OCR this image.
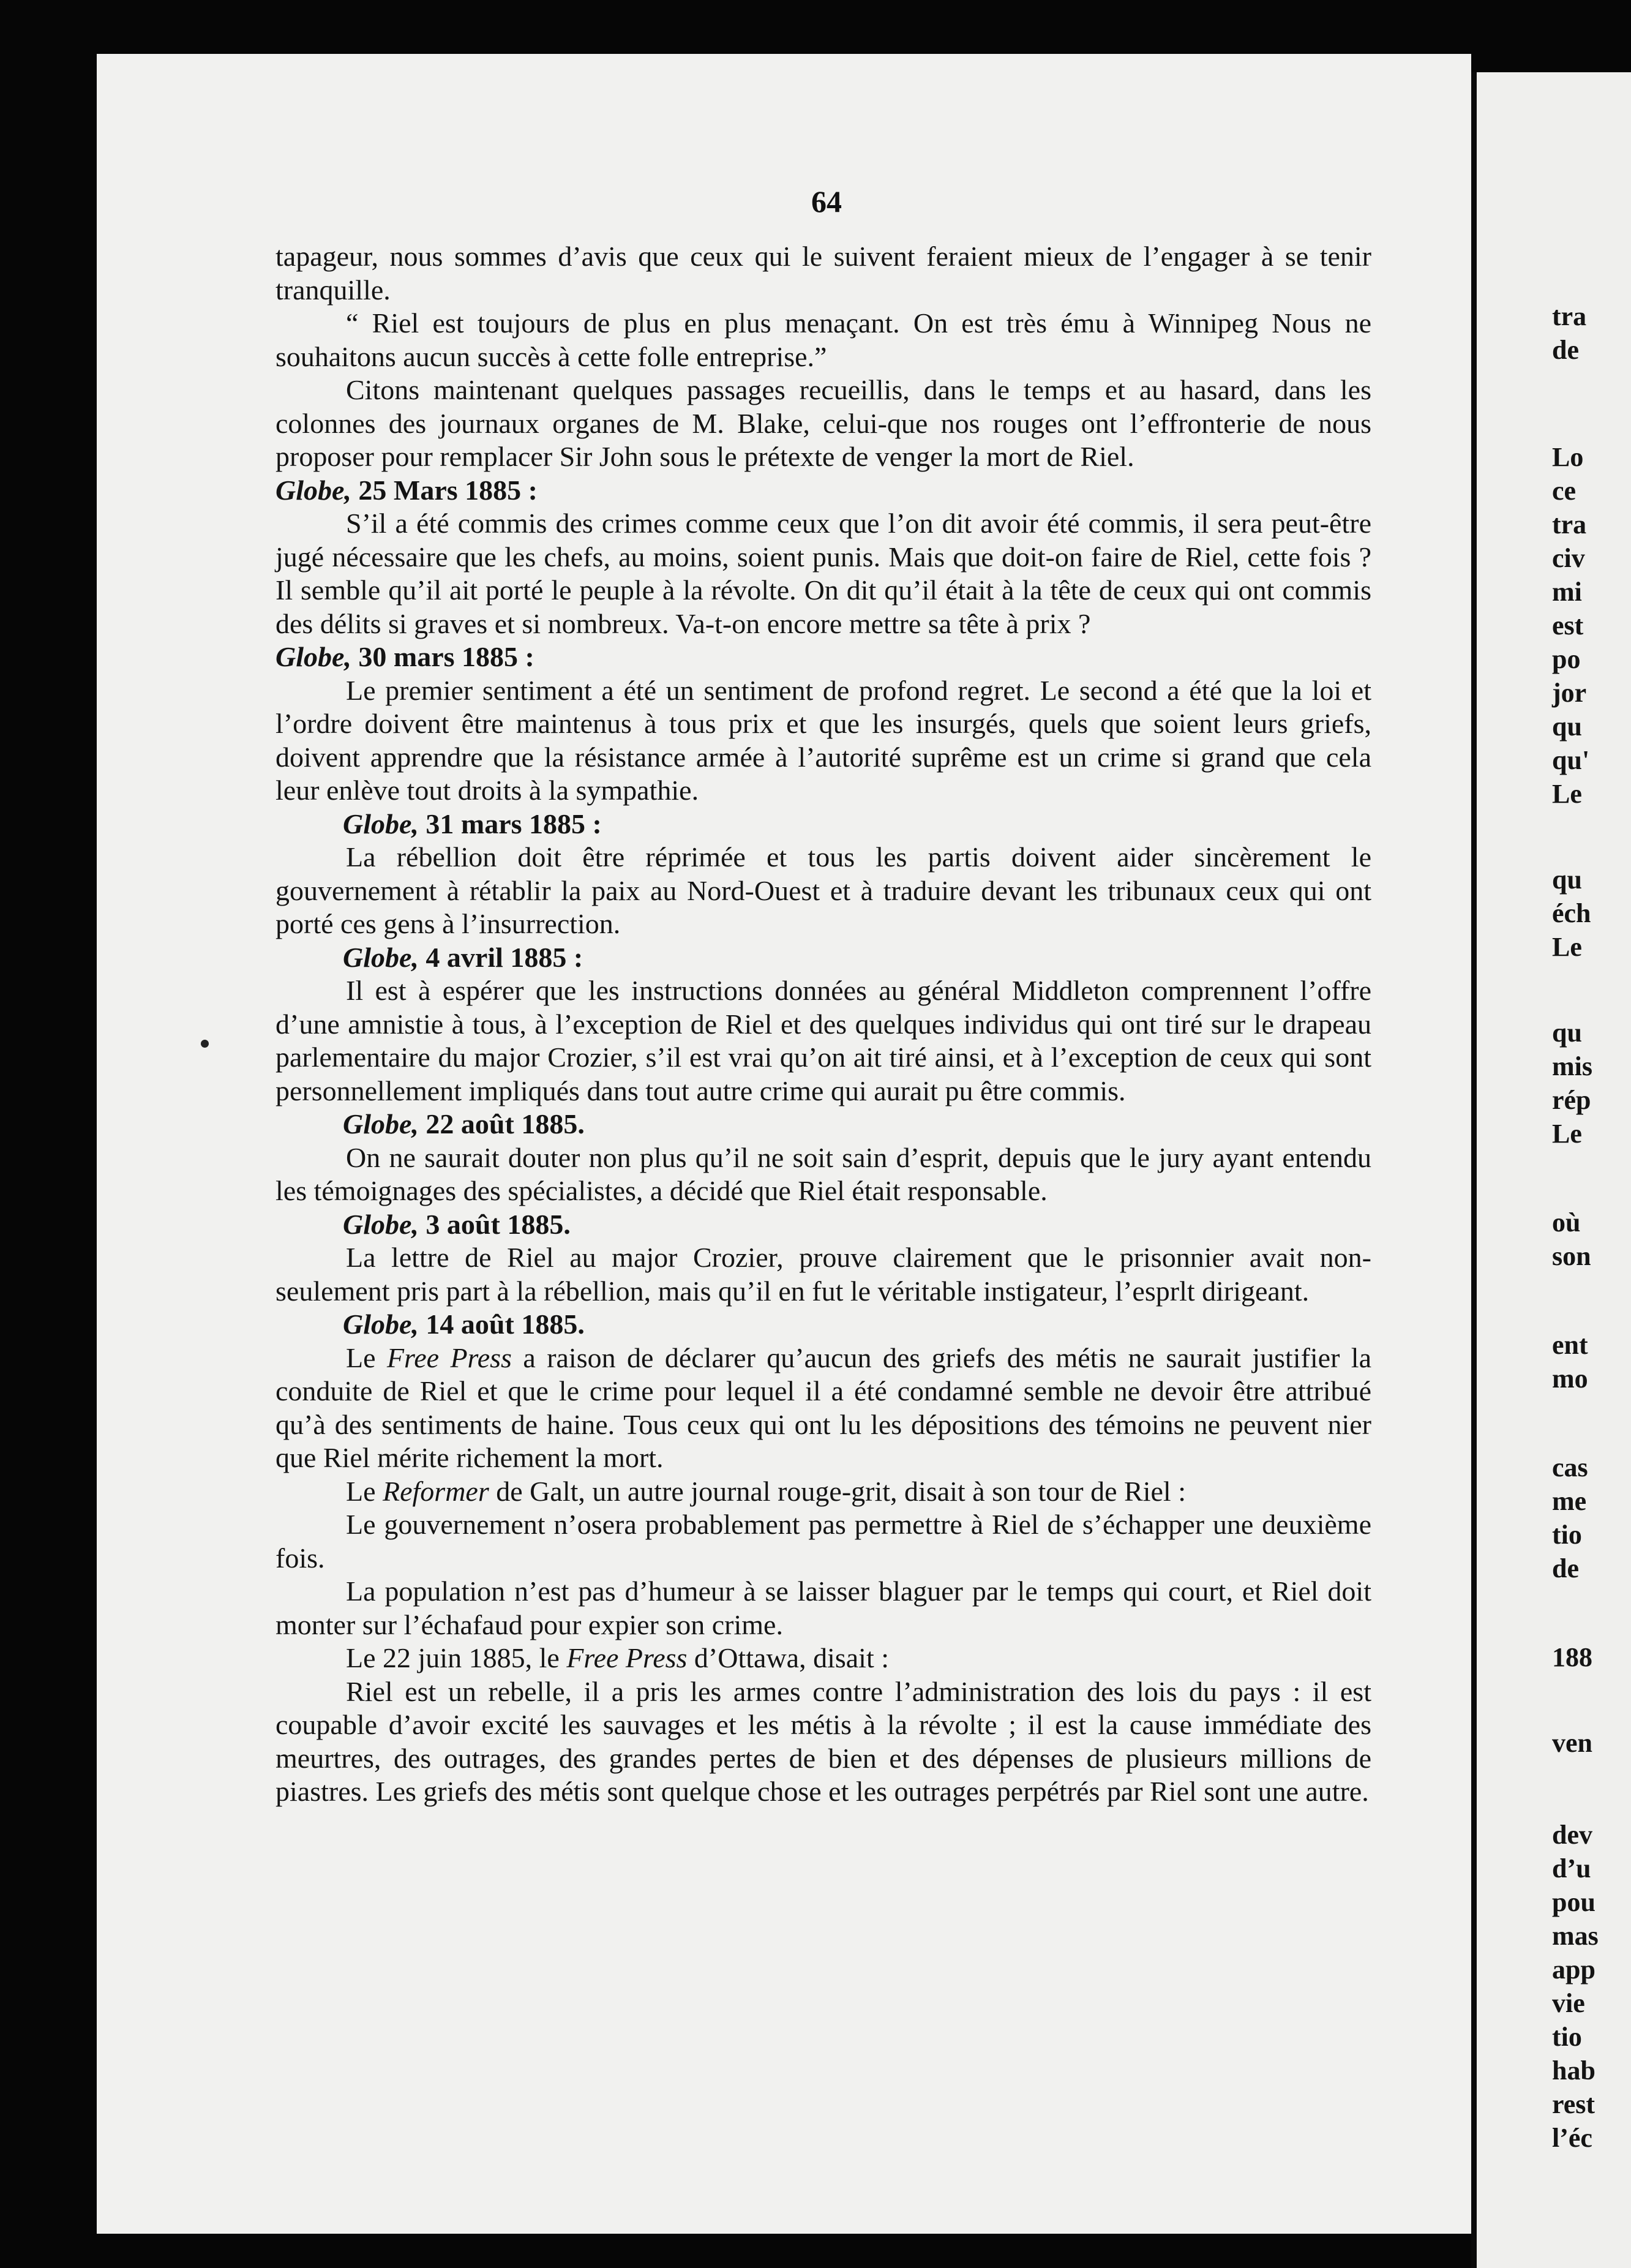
tra
de
Lo
ce
tra
civ
mi
est
po
jor
qu
qu'
Le
qu
éch
Le
qu
mis
rép
Le
où
son
ent
mo
cas
me
tio
de
188
ven
dev
d’u
pou
mas
app
vie
tio
hab
rest
l’éc
64

tapageur, nous sommes d’avis que ceux qui le suivent feraient mieux de l’engager à se tenir tranquille.

“ Riel est toujours de plus en plus menaçant. On est très ému à Winnipeg Nous ne souhaitons aucun succès à cette folle entreprise.”

Citons maintenant quelques passages recueillis, dans le temps et au hasard, dans les colonnes des journaux organes de M. Blake, celui-que nos rouges ont l’effronterie de nous proposer pour remplacer Sir John sous le prétexte de venger la mort de Riel.

Globe, 25 Mars 1885 :

S’il a été commis des crimes comme ceux que l’on dit avoir été commis, il sera peut-être jugé nécessaire que les chefs, au moins, soient punis. Mais que doit-on faire de Riel, cette fois ? Il semble qu’il ait porté le peuple à la révolte. On dit qu’il était à la tête de ceux qui ont commis des délits si graves et si nombreux. Va-t-on encore mettre sa tête à prix ?

Globe, 30 mars 1885 :

Le premier sentiment a été un sentiment de profond regret. Le second a été que la loi et l’ordre doivent être maintenus à tous prix et que les insurgés, quels que soient leurs griefs, doivent apprendre que la résistance armée à l’autorité suprême est un crime si grand que cela leur enlève tout droits à la sympathie.

Globe, 31 mars 1885 :

La rébellion doit être réprimée et tous les partis doivent aider sincèrement le gouvernement à rétablir la paix au Nord-Ouest et à traduire devant les tribunaux ceux qui ont porté ces gens à l’insurrection.

Globe, 4 avril 1885 :

Il est à espérer que les instructions données au général Middleton comprennent l’offre d’une amnistie à tous, à l’exception de Riel et des quelques individus qui ont tiré sur le drapeau parlementaire du major Crozier, s’il est vrai qu’on ait tiré ainsi, et à l’exception de ceux qui sont personnellement impliqués dans tout autre crime qui aurait pu être commis.

Globe, 22 août 1885.

On ne saurait douter non plus qu’il ne soit sain d’esprit, depuis que le jury ayant entendu les témoignages des spécialistes, a décidé que Riel était responsable.

Globe, 3 août 1885.

La lettre de Riel au major Crozier, prouve clairement que le prisonnier avait non-seulement pris part à la rébellion, mais qu’il en fut le véritable instigateur, l’esprlt dirigeant.

Globe, 14 août 1885.

Le Free Press a raison de déclarer qu’aucun des griefs des métis ne saurait justifier la conduite de Riel et que le crime pour lequel il a été condamné semble ne devoir être attribué qu’à des sentiments de haine. Tous ceux qui ont lu les dépositions des témoins ne peuvent nier que Riel mérite richement la mort.

Le Reformer de Galt, un autre journal rouge-grit, disait à son tour de Riel :

Le gouvernement n’osera probablement pas permettre à Riel de s’échapper une deuxième fois.

La population n’est pas d’humeur à se laisser blaguer par le temps qui court, et Riel doit monter sur l’échafaud pour expier son crime.

Le 22 juin 1885, le Free Press d’Ottawa, disait :

Riel est un rebelle, il a pris les armes contre l’administration des lois du pays : il est coupable d’avoir excité les sauvages et les métis à la révolte ; il est la cause immédiate des meurtres, des outrages, des grandes pertes de bien et des dépenses de plusieurs millions de piastres. Les griefs des métis sont quelque chose et les outrages perpétrés par Riel sont une autre.
